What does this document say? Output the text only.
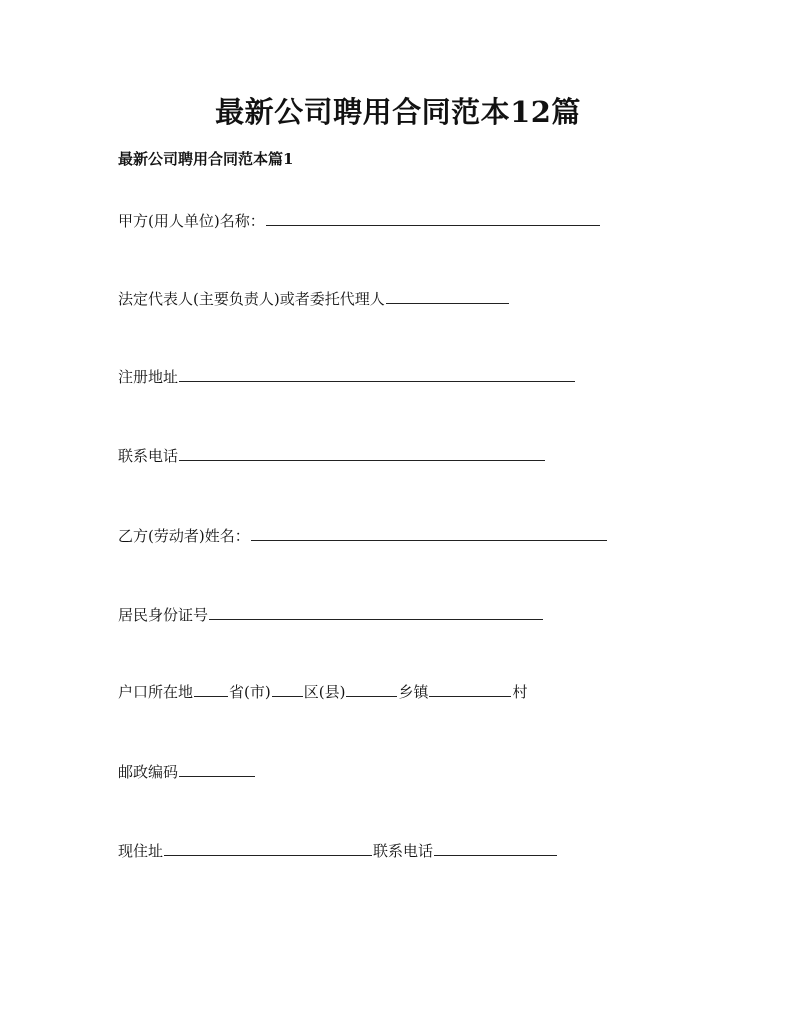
最新公司聘用合同范本12篇
最新公司聘用合同范本篇1
甲方(用人单位)名称：
法定代表人(主要负责人)或者委托代理人
注册地址
联系电话
乙方(劳动者)姓名：
居民身份证号
户口所在地 省(市) 区(县)	乡镇	村
邮政编码
现住址	联系电话
